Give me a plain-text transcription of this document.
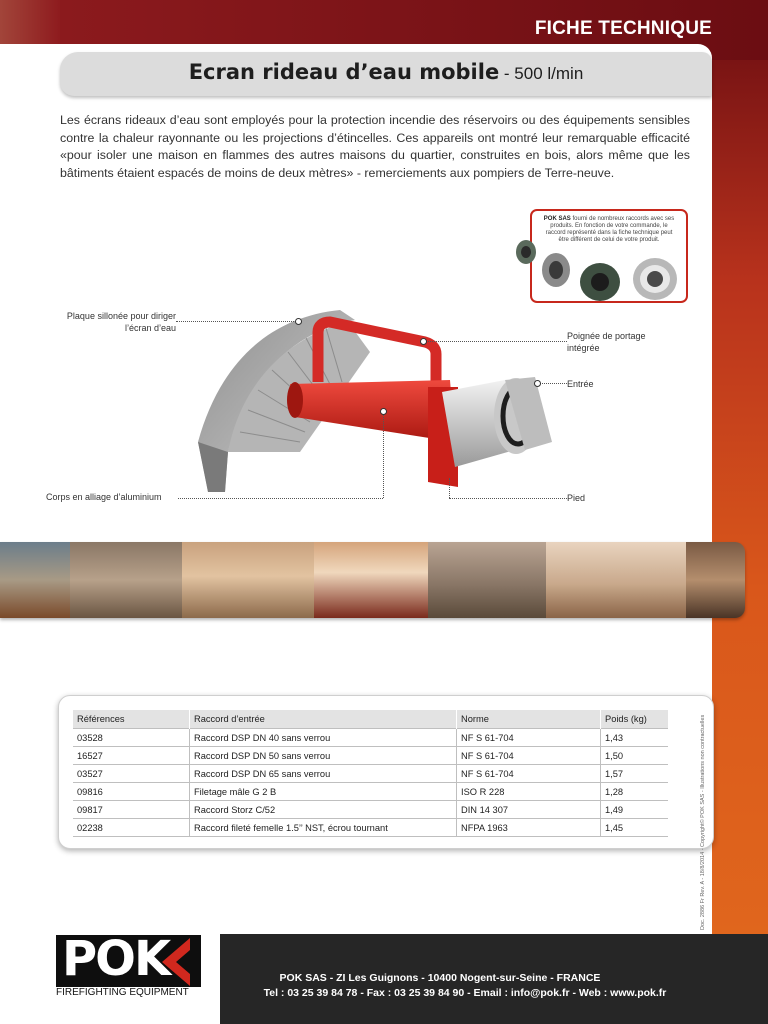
FICHE TECHNIQUE
Ecran rideau d’eau mobile - 500 l/min
Les écrans rideaux d’eau sont employés pour la protection incendie des réservoirs ou des équipements sensibles contre la chaleur rayonnante ou les projections d’étincelles. Ces appareils ont montré leur remarquable efficacité «pour isoler une maison en flammes des autres maisons du quartier, construites en bois, alors même que les bâtiments étaient espacés de moins de deux mètres» - remerciements aux pompiers de Terre-neuve.
POK SAS fourni de nombreux raccords avec ses produits. En fonction de votre commande, le raccord représenté dans la fiche technique peut être différent de celui de votre produit.
Plaque sillonée pour diriger l’écran d’eau
Poignée de portage intégrée
Entrée
Corps en alliage d’aluminium	Pied
Références	Raccord d’entrée	Norme	Poids (kg)
03528	Raccord DSP DN 40 sans verrou	NF S 61-704	1,43
16527	Raccord DSP DN 50 sans verrou	NF S 61-704	1,50
03527	Raccord DSP DN 65 sans verrou	NF S 61-704	1,57
09816	Filetage mâle G 2 B	ISO R 228	1,28
09817	Raccord Storz C/52	DIN 14 307	1,49
02238	Raccord fileté femelle 1.5’’ NST, écrou tournant	NFPA 1963	1,45	Doc. 2886 Fr Rev. A - 18/8/2014 - Copyright© POK SAS - Illustrations non contractuelles
POK
FIREFIGHTING EQUIPMENT
POK SAS - ZI Les Guignons - 10400 Nogent-sur-Seine - FRANCE
Tel : 03 25 39 84 78 - Fax : 03 25 39 84 90 - Email : info@pok.fr - Web : www.pok.fr
